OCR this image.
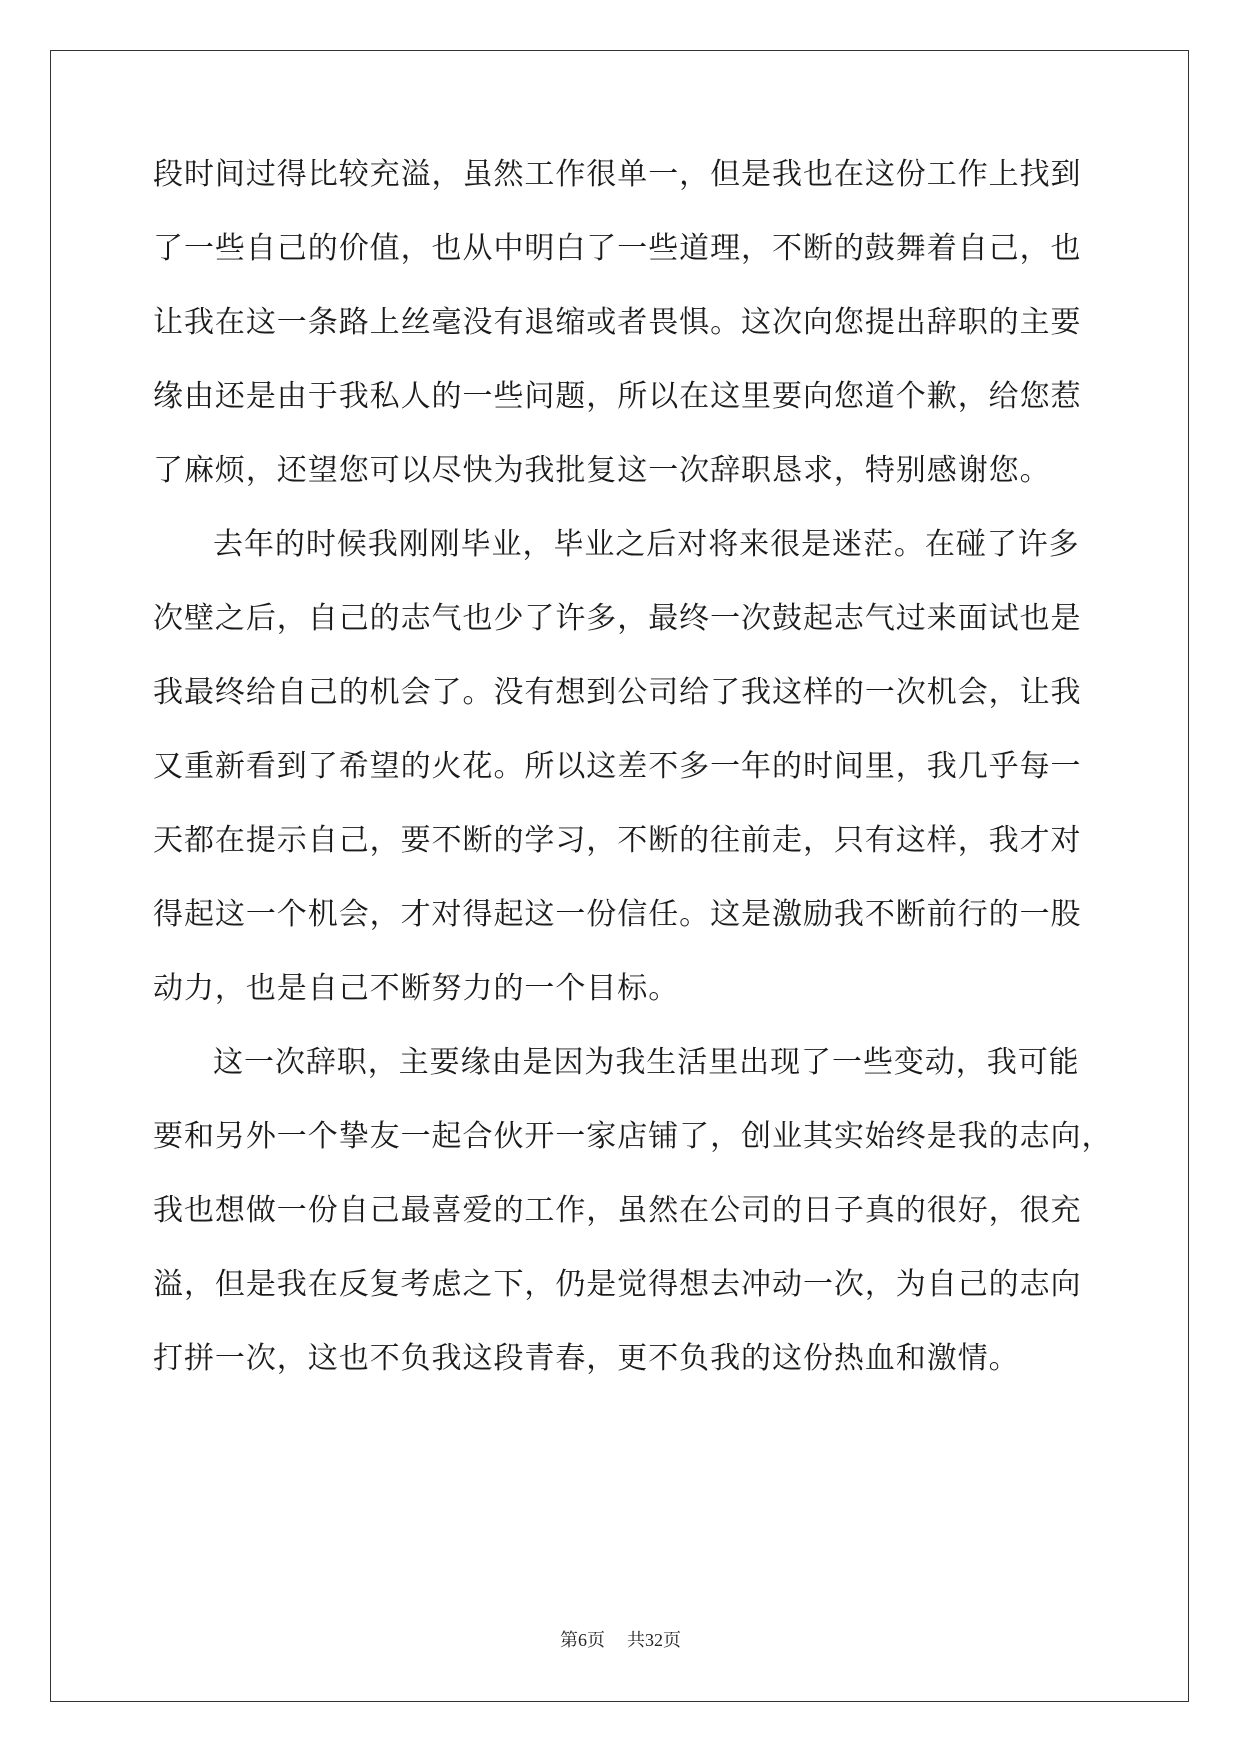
段时间过得比较充溢，虽然工作很单一，但是我也在这份工作上找到
了一些自己的价值，也从中明白了一些道理，不断的鼓舞着自己，也
让我在这一条路上丝毫没有退缩或者畏惧。这次向您提出辞职的主要
缘由还是由于我私人的一些问题，所以在这里要向您道个歉，给您惹
了麻烦，还望您可以尽快为我批复这一次辞职恳求，特别感谢您。
去年的时候我刚刚毕业，毕业之后对将来很是迷茫。在碰了许多
次壁之后，自己的志气也少了许多，最终一次鼓起志气过来面试也是
我最终给自己的机会了。没有想到公司给了我这样的一次机会，让我
又重新看到了希望的火花。所以这差不多一年的时间里，我几乎每一
天都在提示自己，要不断的学习，不断的往前走，只有这样，我才对
得起这一个机会，才对得起这一份信任。这是激励我不断前行的一股
动力，也是自己不断努力的一个目标。
这一次辞职，主要缘由是因为我生活里出现了一些变动，我可能
要和另外一个挚友一起合伙开一家店铺了，创业其实始终是我的志向，
我也想做一份自己最喜爱的工作，虽然在公司的日子真的很好，很充
溢，但是我在反复考虑之下，仍是觉得想去冲动一次，为自己的志向
打拼一次，这也不负我这段青春，更不负我的这份热血和激情。
第6页 共32页
